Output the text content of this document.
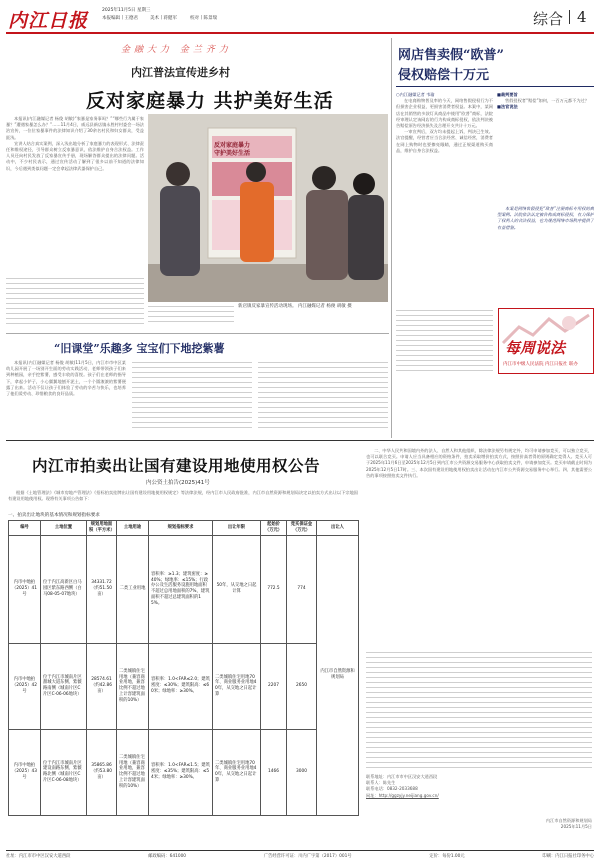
内江日报	2025年11月5日 星期三
本报编辑丨王德君	美术丨蒋健军	校对丨陈景瑞	综合 4
金融大力 金兰齐力
内江普法宣传进乡村
反对家庭暴力 共护美好生活

本报讯(内江融媒记者 杨俊 胡敏)“家暴是家务事吗？”“哪些行为属于家暴？”遭遇家暴怎么办？”……11月4日，威远县新店镇永胜村村委会一场法治宣传，一位位家暴事件的法律知识介绍了30余名村民和妇女群众，受益匪浅。

宣讲人结合真实案例，深入浅出地分析了家庭暴力的表现形式、法律责任和维权途径，引导群众树立反家暴意识，依法维护自身合法权益。工作人员还向村民发放了反家暴宣传手册，现场解答群众提出的法律问题。活动中，不少村民表示，通过宣传活动了解到了很多以前不知道的法律知识，今后遇到类似问题一定会拿起法律武器保护自己。

反对家庭暴力
守护美好生活
新店镇反家暴宣传活动现场。 内江融媒记者 杨俊 胡敏 摄
网店售卖假“欧普”
侵权赔偿十万元
○内江融媒记者 韦瑜

在电商购物普及率的今天，网络售假侵权行为不但损害企业权益，更损害消费者权益。本案中，某网店在其销售的多款灯具商品中使用“欧普”商标，法院经审理认定该网店的行为构成商标侵权，依法判决被告赔偿原告经济损失及合理开支共计十万元。

一审宣判后，双方均未提起上诉，判决已生效。法官提醒，经营者应当合法经营、诚信经营，消费者在网上购物时也要擦亮眼睛，通过正规渠道购买商品，维护自身合法权益。

■裁判要旨

售假侵权者“赔偿”如何，一百万元都不为过？

■法官说法

本案是网络售假侵犯“欧普”注册商标专用权的典型案例。法院依法认定被告构成商标侵权，有力保护了权利人的合法权益，也为规范网络市场秩序提供了有益借鉴。

每周说法
内江市中级人民法院 内江日报社 联办
“旧课堂”乐趣多 宝宝们下地挖紫薯

本报讯(内江融媒记者 杨俊 胡敏)11月5日，内江市市中区某幼儿园开展了一场别开生面的劳动实践活动，老师带领孩子们来到种植园，亲手挖紫薯，感受丰收的喜悦。孩子们在老师的指导下，拿起小铲子，小心翼翼地刨开泥土，一个个圆滚滚的紫薯便露了出来。活动不仅让孩子们体验了劳动的辛苦与快乐，也培养了他们爱劳动、珍惜粮食的良好品质。

内江市拍卖出让国有建设用地使用权公告
内公资土拍告(2025)41号

根据《土地管理法》《城市房地产管理法》《招标拍卖挂牌出让国有建设用地使用权规定》等法律法规，经内江市人民政府批准，内江市自然资源和规划局决定以拍卖方式出让以下宗地国有建设用地使用权。现将有关事项公告如下：

一、拍卖出让地块的基本情况和规划指标要求
编号	土地位置	规划用地面积（平方米）	土地用途	规划指标要求	出让年限	起始价（万元）	竞买保证金（万元）	出让人
内市中地拍（2025）41号	位于内江高新区白马园区紫东路西侧（白马08-05-07地块）	34331.72（约51.50亩）	二类工业用地	容积率：≥1.3；建筑密度：≥40%；绿地率：≤15%；行政办公及生活服务设施用地面积不超过总用地面积的7%，建筑面积不超过总建筑面积的15%。	50年，从交地之日起计算	772.5	774	内江市自然资源和规划局
内市中地拍（2025）42号	位于内江市城南片区甜城大道东侧、紫薇路南侧（城南片区C片区C-06-06地块）	28574.61（约42.86亩）	二类城镇住宅用地（兼容商业用地，兼容比例不超过地上计容建筑面积的10%）	容积率：1.0<FAR≤2.0；建筑密度：≤30%；建筑限高：≤60米；绿地率：≥30%。	二类城镇住宅用地70年、商业服务业用地40年，从交地之日起计算	2207	2650	
内市中地拍（2025）43号	位于内江市城南片区建设南路东侧、紫薇路北侧（城南片区C片区C-06-08地块）	35865.86（约53.80亩）	二类城镇住宅用地（兼容商业用地，兼容比例不超过地上计容建筑面积的10%）	容积率：1.0<FAR≤1.5；建筑密度：≤35%；建筑限高：≤54米；绿地率：≥30%。	二类城镇住宅用地70年、商业服务业用地40年，从交地之日起计算	1466	3000	

二、中华人民共和国境内外的法人、自然人和其他组织，除法律法规另有规定外，均可申请参加竞买，可以独立竞买，也可以联合竞买。申请人应当具备相应的资格条件，拍卖采取增价拍卖方式，按照价高者得的原则确定竞得人。竞买人可于2025年11月6日至2025年12月5日到内江市公共资源交易服务中心获取拍卖文件，申请参加竞买。竞买申请截止时间为2025年12月5日17时。三、本次国有建设用地使用权拍卖出让活动在内江市公共资源交易服务中心举行。四、其他需要公告的事项按照拍卖文件执行。

联系地址：内江市市中区汉安大道西段
联系人：陈先生
联系电话：0832-2033688
网址：http://ggzyjy.neijiang.gov.cn/
内江市自然资源和规划局
2025年11月5日
社址：内江市市中区汉安大道西段	邮政编码：641000	广告经营许可证：川内广字第（2017）001号	定价：每份1.00元	印刷：内江日报社印务中心
